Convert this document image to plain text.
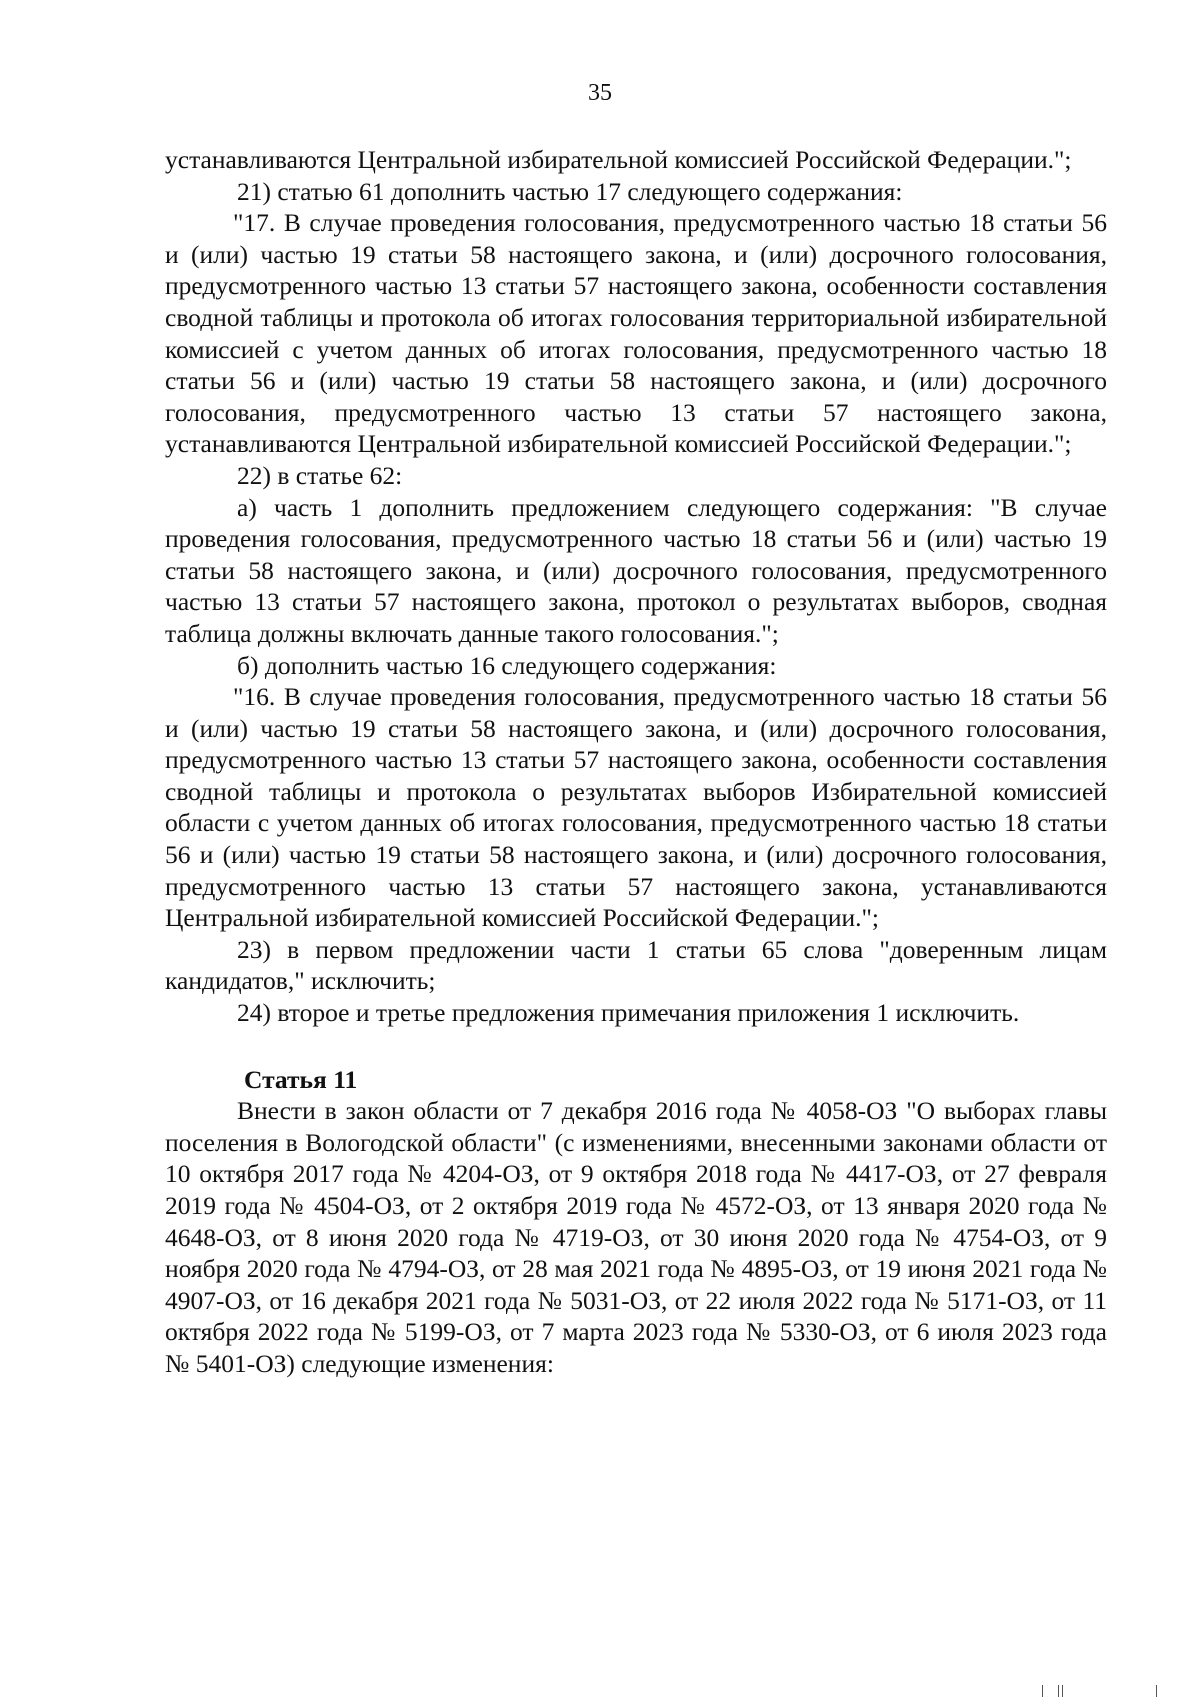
35

устанавливаются Центральной избирательной комиссией Российской Федерации.";

21) статью 61 дополнить частью 17 следующего содержания:

"17. В случае проведения голосования, предусмотренного частью 18 статьи 56 и (или) частью 19 статьи 58 настоящего закона, и (или) досрочного голосования, предусмотренного частью 13 статьи 57 настоящего закона, особенности составления сводной таблицы и протокола об итогах голосования территориальной избирательной комиссией с учетом данных об итогах голосования, предусмотренного частью 18 статьи 56 и (или) частью 19 статьи 58 настоящего закона, и (или) досрочного голосования, предусмотренного частью 13 статьи 57 настоящего закона, устанавливаются Центральной избирательной комиссией Российской Федерации.";

22) в статье 62:

а) часть 1 дополнить предложением следующего содержания: "В случае проведения голосования, предусмотренного частью 18 статьи 56 и (или) частью 19 статьи 58 настоящего закона, и (или) досрочного голосования, предусмотренного частью 13 статьи 57 настоящего закона, протокол о результатах выборов, сводная таблица должны включать данные такого голосования.";

б) дополнить частью 16 следующего содержания:

"16. В случае проведения голосования, предусмотренного частью 18 статьи 56 и (или) частью 19 статьи 58 настоящего закона, и (или) досрочного голосования, предусмотренного частью 13 статьи 57 настоящего закона, особенности составления сводной таблицы и протокола о результатах выборов Избирательной комиссией области с учетом данных об итогах голосования, предусмотренного частью 18 статьи 56 и (или) частью 19 статьи 58 настоящего закона, и (или) досрочного голосования, предусмотренного частью 13 статьи 57 настоящего закона, устанавливаются Центральной избирательной комиссией Российской Федерации.";

23) в первом предложении части 1 статьи 65 слова "доверенным лицам кандидатов," исключить;

24) второе и третье предложения примечания приложения 1 исключить.

Статья 11

Внести в закон области от 7 декабря 2016 года № 4058-ОЗ "О выборах главы поселения в Вологодской области" (с изменениями, внесенными законами области от 10 октября 2017 года № 4204-ОЗ, от 9 октября 2018 года № 4417-ОЗ, от 27 февраля 2019 года № 4504-ОЗ, от 2 октября 2019 года № 4572-ОЗ, от 13 января 2020 года № 4648-ОЗ, от 8 июня 2020 года № 4719-ОЗ, от 30 июня 2020 года № 4754-ОЗ, от 9 ноября 2020 года № 4794-ОЗ, от 28 мая 2021 года № 4895-ОЗ, от 19 июня 2021 года № 4907-ОЗ, от 16 декабря 2021 года № 5031-ОЗ, от 22 июля 2022 года № 5171-ОЗ, от 11 октября 2022 года № 5199-ОЗ, от 7 марта 2023 года № 5330-ОЗ, от 6 июля 2023 года № 5401-ОЗ) следующие изменения:
